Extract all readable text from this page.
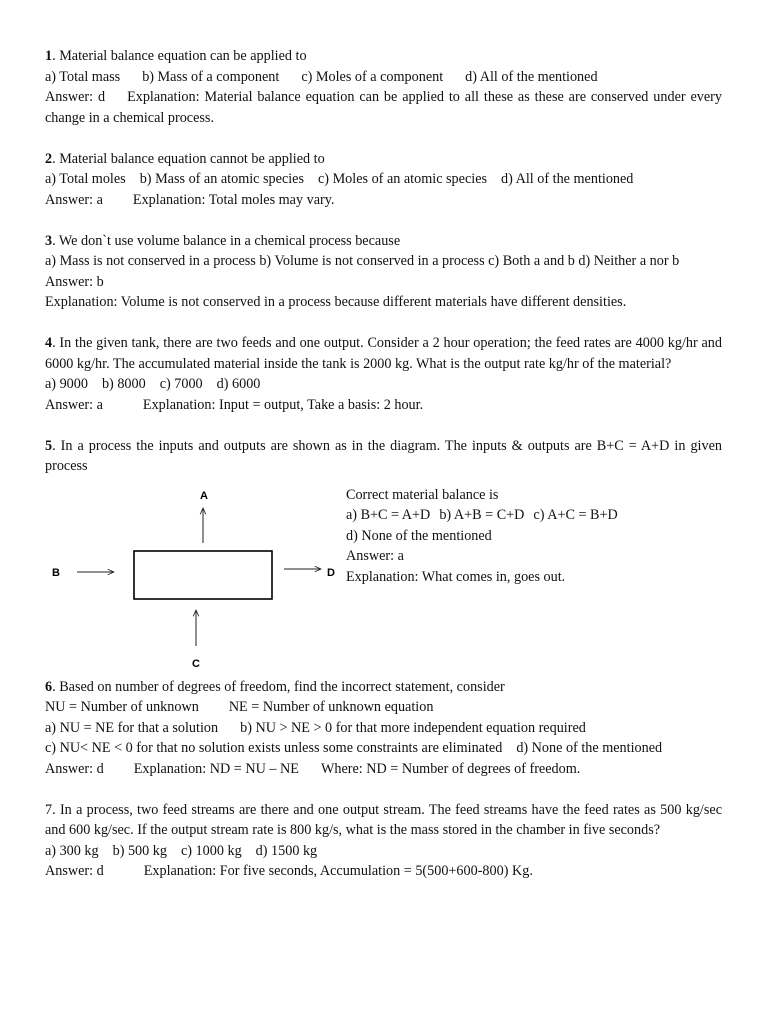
1. Material balance equation can be applied to
a) Total mass b) Mass of a component c) Moles of a component d) All of the mentioned
Answer: d Explanation: Material balance equation can be applied to all these as these are conserved under every change in a chemical process.
2. Material balance equation cannot be applied to
a) Total moles b) Mass of an atomic species c) Moles of an atomic species d) All of the mentioned
Answer: a Explanation: Total moles may vary.
3. We don`t use volume balance in a chemical process because
a) Mass is not conserved in a process b) Volume is not conserved in a process c) Both a and b d) Neither a nor b
Answer: b
Explanation: Volume is not conserved in a process because different materials have different densities.
4. In the given tank, there are two feeds and one output. Consider a 2 hour operation; the feed rates are 4000 kg/hr and 6000 kg/hr. The accumulated material inside the tank is 2000 kg. What is the output rate kg/hr of the material?
a) 9000 b) 8000 c) 7000 d) 6000
Answer: a	Explanation: Input = output, Take a basis: 2 hour.
5. In a process the inputs and outputs are shown as in the diagram. The inputs & outputs are B+C = A+D in given process
A
B	D
C
Correct material balance is
a) B+C = A+D b) A+B = C+D c) A+C = B+D
d) None of the mentioned
Answer: a
Explanation: What comes in, goes out.
6. Based on number of degrees of freedom, find the incorrect statement, consider
NU = Number of unknown NE = Number of unknown equation
a) NU = NE for that a solution b) NU > NE > 0 for that more independent equation required
c) NU< NE < 0 for that no solution exists unless some constraints are eliminated d) None of the mentioned
Answer: d Explanation: ND = NU – NE Where: ND = Number of degrees of freedom.
7. In a process, two feed streams are there and one output stream. The feed streams have the feed rates as 500 kg/sec and 600 kg/sec. If the output stream rate is 800 kg/s, what is the mass stored in the chamber in five seconds?
a) 300 kg b) 500 kg c) 1000 kg d) 1500 kg
Answer: d	Explanation: For five seconds, Accumulation = 5(500+600-800) Kg.
